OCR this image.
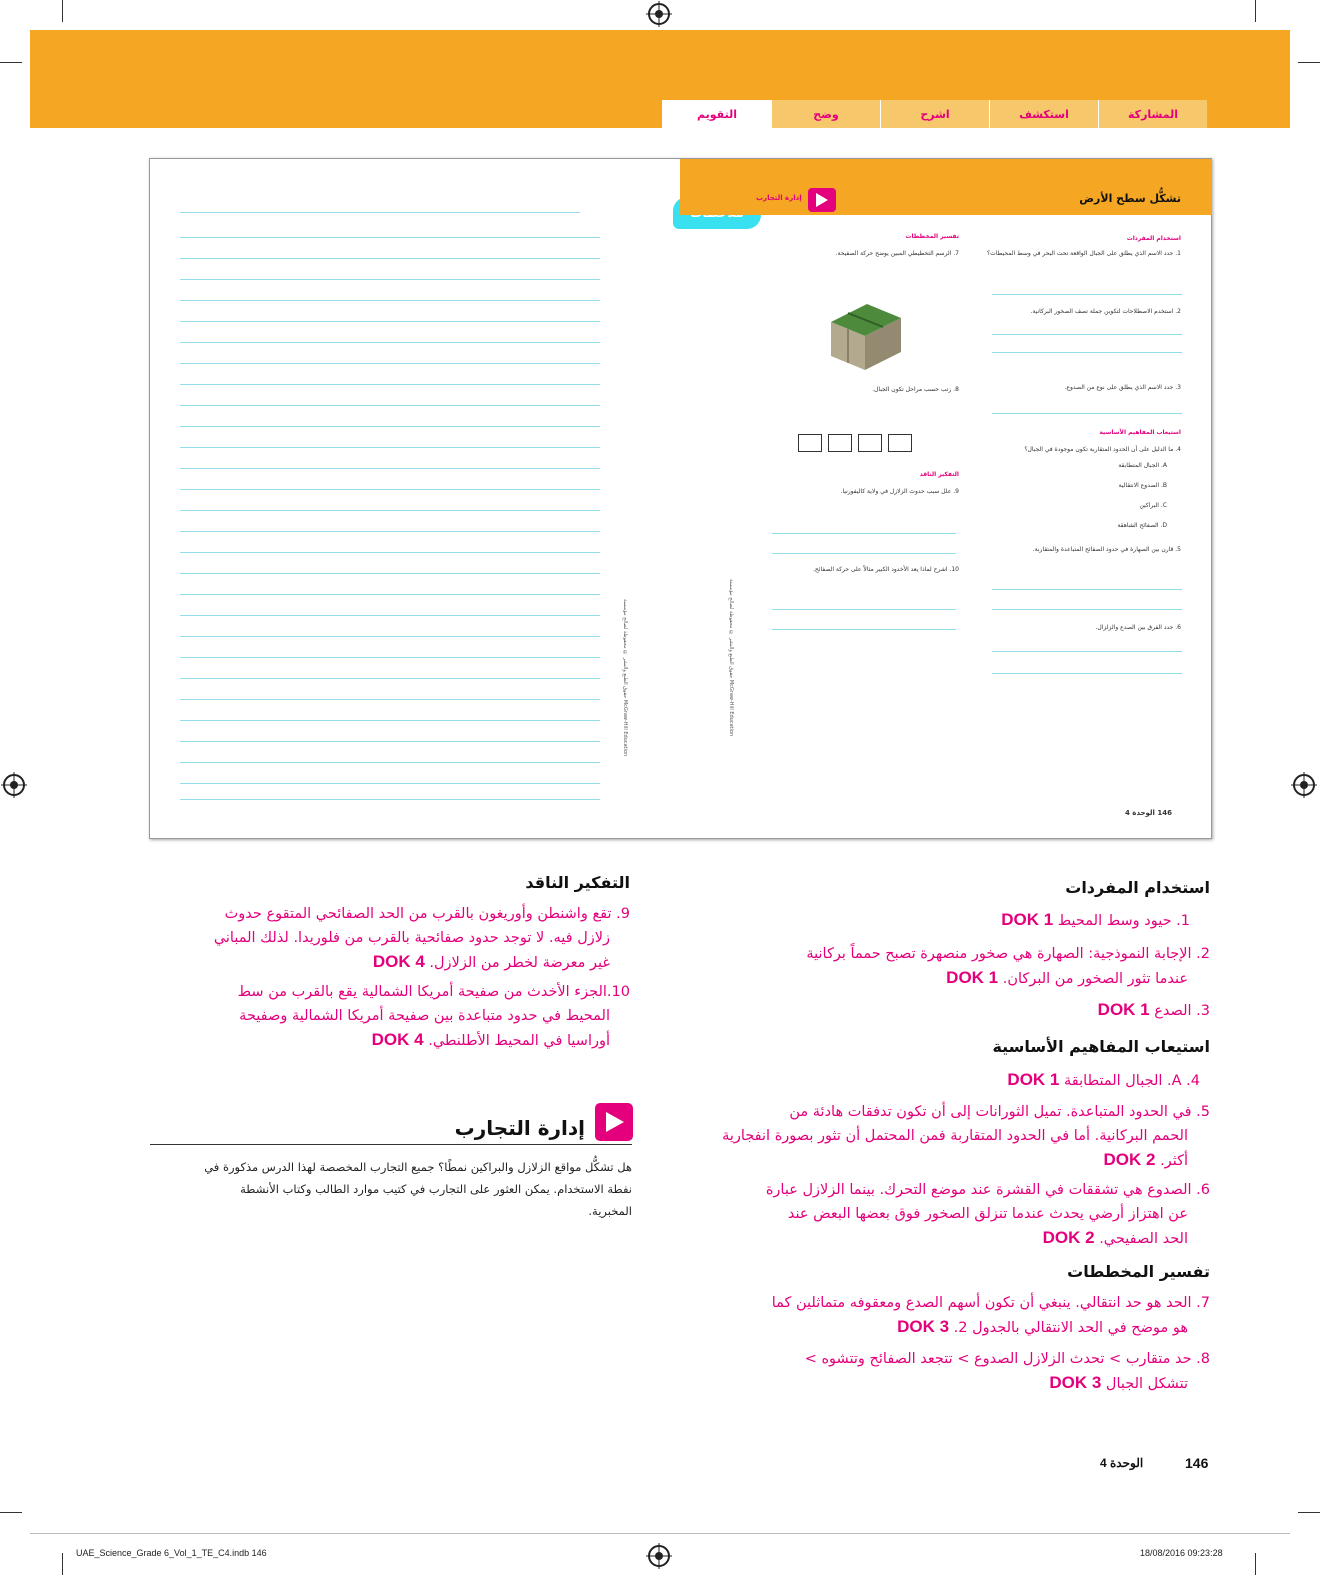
التقويم	وضح	اشرح	استكشف	المشاركة
حقوق الطبع والنشر © محفوظة لصالح مؤسسة McGraw-Hill Education
حقوق الطبع والنشر © محفوظة لصالح مؤسسة McGraw-Hill Education
تشكُّل سطح الأرض
إدارة التجارب
استخدام المفردات
1. حدد الاسم الذي يطلق على الجبال الواقعة تحت البحر في وسط المحيطات؟
2. استخدم الاصطلاحات لتكوين جملة تصف الصخور البركانية.
3. حدد الاسم الذي يطلق على نوع من الصدوع.
استيعاب المفاهيم الأساسية
4. ما الدليل على أن الحدود المتقاربة تكون موجودة في الجبال؟
A. الجبال المتطابقة
B. الصدوع الانتقالية
C. البراكين
D. الصفائح الشاهقة
5. قارن بين الصهارة في حدود الصفائح المتباعدة والمتقاربة.
6. حدد الفرق بين الصدع والزلزال.
تفسير المخططات
7. الرسم التخطيطي المبين يوضح حركة الصفيحة.
8. رتب حسب مراحل تكون الجبال.
التفكير الناقد
9. علل سبب حدوث الزلازل في ولاية كاليفورنيا.
10. اشرح لماذا يعد الأخدود الكبير مثالاً على حركة الصفائح.
146 الوحدة 4
استخدام المفردات
1. حيود وسط المحيط DOK 1
2. الإجابة النموذجية: الصهارة هي صخور منصهرة تصبح حمماً بركانية
عندما تثور الصخور من البركان. DOK 1
3. الصدع DOK 1
استيعاب المفاهيم الأساسية
4. A. الجبال المتطابقة DOK 1
5. في الحدود المتباعدة. تميل الثورانات إلى أن تكون تدفقات هادئة من
الحمم البركانية. أما في الحدود المتقاربة فمن المحتمل أن تثور بصورة انفجارية
أكثر. DOK 2
6. الصدوع هي تشققات في القشرة عند موضع التحرك. بينما الزلازل عبارة
عن اهتزاز أرضي يحدث عندما تنزلق الصخور فوق بعضها البعض عند
الحد الصفيحي. DOK 2
تفسير المخططات
7. الحد هو حد انتقالي. ينبغي أن تكون أسهم الصدع ومعقوفه متماثلين كما
هو موضح في الحد الانتقالي بالجدول 2. DOK 3
8. حد متقارب > تحدث الزلازل الصدوع > تتجعد الصفائح وتتشوه >
تتشكل الجبال DOK 3
التفكير الناقد
9. تقع واشنطن وأوريغون بالقرب من الحد الصفائحي المتقوع حدوث
زلازل فيه. لا توجد حدود صفائحية بالقرب من فلوريدا. لذلك المباني
غير معرضة لخطر من الزلازل. DOK 4
10.الجزء الأخدث من صفيحة أمريكا الشمالية يقع بالقرب من سط
المحيط في حدود متباعدة بين صفيحة أمريكا الشمالية وصفيحة
أوراسيا في المحيط الأطلنطي. DOK 4
إدارة التجارب
هل تشكُّل مواقع الزلازل والبراكين نمطًا؟ جميع التجارب المخصصة لهذا الدرس مذكورة في
نفطة الاستخدام. يمكن العثور على التجارب في كتيب موارد الطالب وكتاب الأنشطة
المخبرية.
146
الوحدة 4
UAE_Science_Grade 6_Vol_1_TE_C4.indb 146	18/08/2016 09:23:28
